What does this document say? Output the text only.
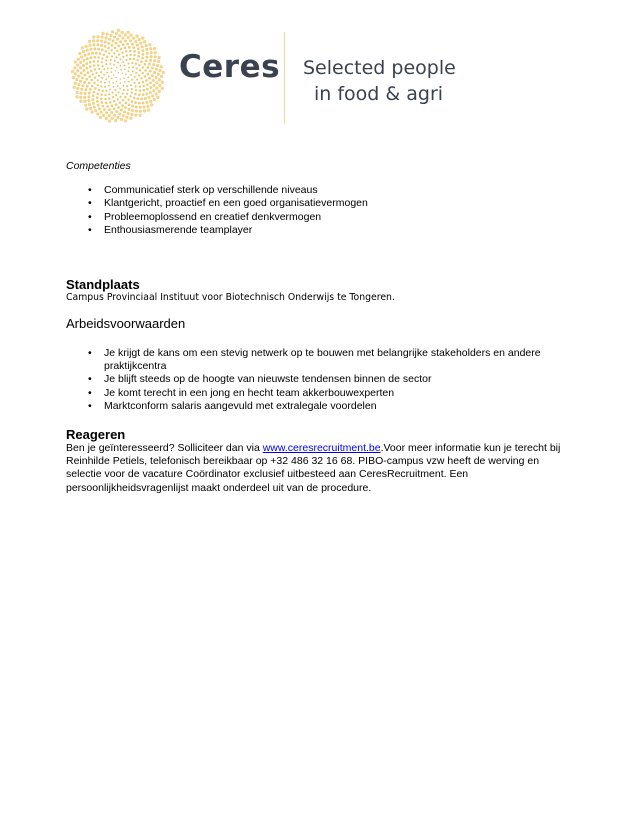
Ceres Selected people
in food & agri

Competenties

• Communicatief sterk op verschillende niveaus
• Klantgericht, proactief en een goed organisatievermogen
• Probleemoplossend en creatief denkvermogen
• Enthousiasmerende teamplayer

Standplaats

Campus Provinciaal Instituut voor Biotechnisch Onderwijs te Tongeren.

Arbeidsvoorwaarden

• Je krijgt de kans om een stevig netwerk op te bouwen met belangrijke stakeholders en andere praktijkcentra
• Je blijft steeds op de hoogte van nieuwste tendensen binnen de sector
• Je komt terecht in een jong en hecht team akkerbouwexperten
• Marktconform salaris aangevuld met extralegale voordelen

Reageren

Ben je geïnteresseerd? Solliciteer dan via www.ceresrecruitment.be.Voor meer informatie kun je terecht bij Reinhilde Petiels, telefonisch bereikbaar op +32 486 32 16 68. PIBO-campus vzw heeft de werving en selectie voor de vacature Coördinator exclusief uitbesteed aan CeresRecruitment. Een persoonlijkheidsvragenlijst maakt onderdeel uit van de procedure.
